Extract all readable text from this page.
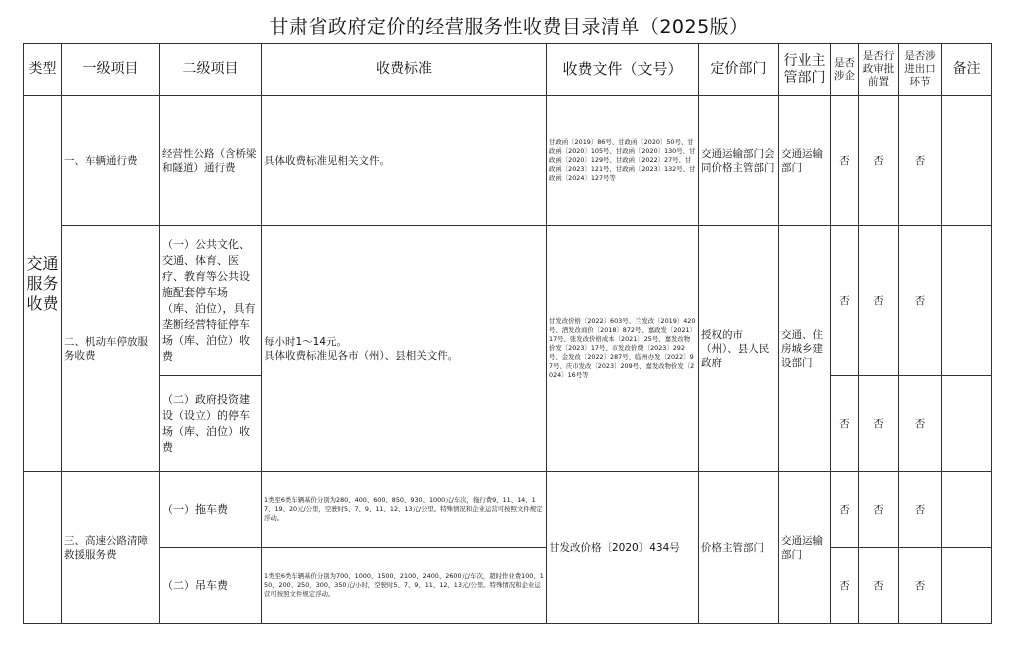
甘肃省政府定价的经营服务性收费目录清单（2025版）
类型	一级项目	二级项目	收费标准	收费文件（文号）	定价部门	行业主管部门	是否涉企	是否行政审批前置	是否涉进出口环节	备注
交通服务收费	一、车辆通行费	经营性公路（含桥梁和隧道）通行费	具体收费标准见相关文件。	甘政函〔2019〕86号、甘政函〔2020〕50号、甘政函〔2020〕105号、甘政函〔2020〕130号、甘政函〔2020〕129号、甘政函〔2022〕27号、甘政函〔2023〕121号、甘政函〔2023〕132号、甘政函〔2024〕127号等	交通运输部门会同价格主管部门	交通运输部门	否	否	否	
	二、机动车停放服务收费	（一）公共文化、交通、体育、医疗、教育等公共设施配套停车场（库、泊位），具有垄断经营特征停车场（库、泊位）收费	每小时1～14元。
具体收费标准见各市（州）、县相关文件。	甘发改价格〔2022〕603号、兰发改〔2019〕420号、酒发改商价〔2018〕872号、嘉政发〔2021〕17号、张发改价格成本〔2021〕25号、嘉发改物价发〔2023〕17号、市发改价费〔2023〕292号、金发改〔2022〕287号、临州办发〔2022〕97号、庆市发改〔2023〕209号、嘉发改物价发〔2024〕16号等	授权的市（州）、县人民政府	交通、住房城乡建设部门	否	否	否	
		（二）政府投资建设（设立）的停车场（库、泊位）收费					否	否	否	
	三、高速公路清障救援服务费	（一）拖车费	1类至6类车辆基价分别为280、400、600、850、930、1000元/车次，拖行费9、11、14、17、19、20元/公里，空驶时5、7、9、11、12、13元/公里。特殊情况和企业运营可按照文件规定浮动。	甘发改价格〔2020〕434号	价格主管部门	交通运输部门	否	否	否	
		（二）吊车费	1类至6类车辆基价分别为700、1000、1500、2100、2400、2600元/车次，超时作业费100、150、200、250、300、350元/小时，空驶时5、7、9、11、12、13元/公里。特殊情况和企业运营可按照文件规定浮动。				否	否	否	
